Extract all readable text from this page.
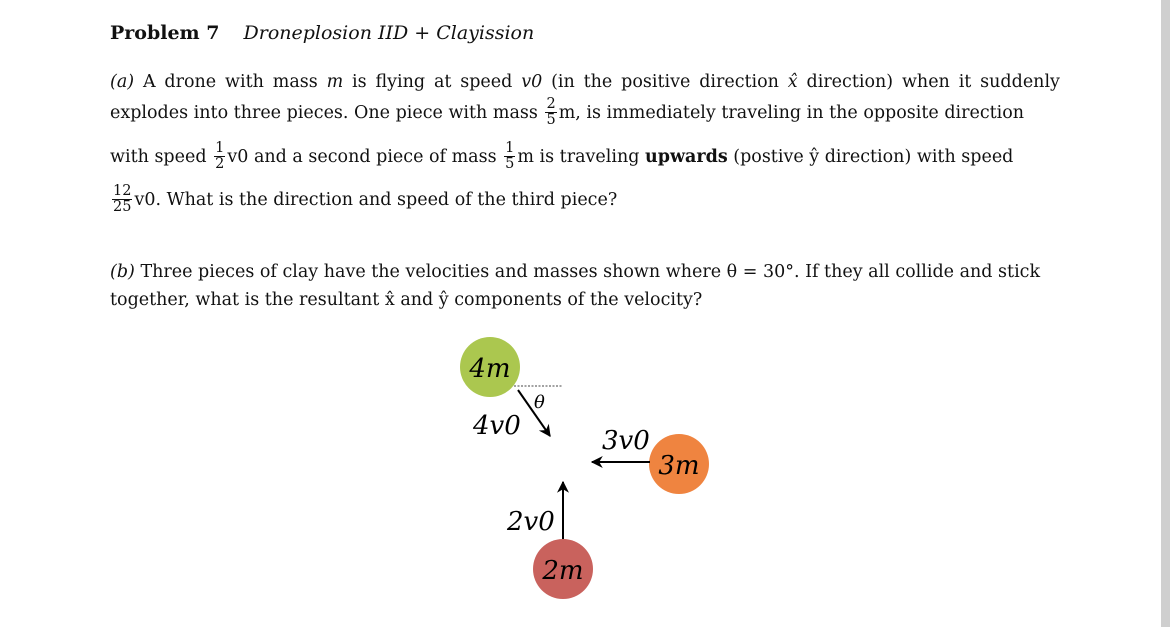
Problem 7 Droneplosion IID + Clayission
(a) A drone with mass m is flying at speed v0 (in the positive direction x̂ direction) when it suddenly
explodes into three pieces. One piece with mass $\frac{2}{5} m$, is immediately traveling in the opposite direction
with speed $\frac{1}{2} v0$ and a second piece of mass $\frac{1}{5}$ m is traveling upwards (postive ŷ direction) with speed
$\frac{12}{25} v0$. What is the direction and speed of the third piece?
(b) Three pieces of clay have the velocities and masses shown where θ = 30°. If they all collide and stick
together, what is the resultant x̂ and ŷ components of the velocity?
4m
θ
4v0
3m
3v0
2m
2v0
